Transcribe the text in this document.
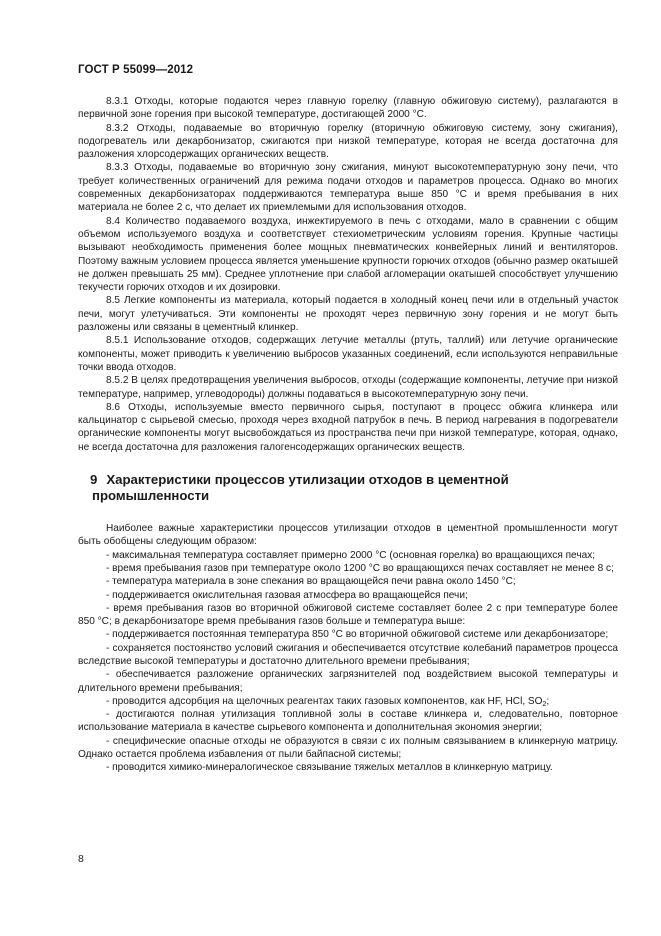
ГОСТ Р 55099—2012

8.3.1 Отходы, которые подаются через главную горелку (главную обжиговую систему), разлагаются в первичной зоне горения при высокой температуре, достигающей 2000 °С.

8.3.2 Отходы, подаваемые во вторичную горелку (вторичную обжиговую систему, зону сжигания), подогреватель или декарбонизатор, сжигаются при низкой температуре, которая не всегда достаточна для разложения хлорсодержащих органических веществ.

8.3.3 Отходы, подаваемые во вторичную зону сжигания, минуют высокотемпературную зону печи, что требует количественных ограничений для режима подачи отходов и параметров процесса. Однако во многих современных декарбонизаторах поддерживаются температура выше 850 °С и время пребывания в них материала не более 2 с, что делает их приемлемыми для использования отходов.

8.4 Количество подаваемого воздуха, инжектируемого в печь с отходами, мало в сравнении с общим объемом используемого воздуха и соответствует стехиометрическим условиям горения. Крупные частицы вызывают необходимость применения более мощных пневматических конвейерных линий и вентиляторов. Поэтому важным условием процесса является уменьшение крупности горючих отходов (обычно размер окатышей не должен превышать 25 мм). Среднее уплотнение при слабой агломерации окатышей способствует улучшению текучести горючих отходов и их дозировки.

8.5 Легкие компоненты из материала, который подается в холодный конец печи или в отдельный участок печи, могут улетучиваться. Эти компоненты не проходят через первичную зону горения и не могут быть разложены или связаны в цементный клинкер.

8.5.1 Использование отходов, содержащих летучие металлы (ртуть, таллий) или летучие органические компоненты, может приводить к увеличению выбросов указанных соединений, если используются неправильные точки ввода отходов.

8.5.2 В целях предотвращения увеличения выбросов, отходы (содержащие компоненты, летучие при низкой температуре, например, углеводороды) должны подаваться в высокотемпературную зону печи.

8.6 Отходы, используемые вместо первичного сырья, поступают в процесс обжига клинкера или кальцинатор с сырьевой смесью, проходя через входной патрубок в печь. В период нагревания в подогреватели органические компоненты могут высвобождаться из пространства печи при низкой температуре, которая, однако, не всегда достаточна для разложения галогенсодержащих органических веществ.

9 Характеристики процессов утилизации отходов в цементной промышленности

Наиболее важные характеристики процессов утилизации отходов в цементной промышленности могут быть обобщены следующим образом:

- максимальная температура составляет примерно 2000 °С (основная горелка) во вращающихся печах;

- время пребывания газов при температуре около 1200 °С во вращающихся печах составляет не менее 8 с;

- температура материала в зоне спекания во вращающейся печи равна около 1450 °С;

- поддерживается окислительная газовая атмосфера во вращающейся печи;

- время пребывания газов во вторичной обжиговой системе составляет более 2 с при температуре более 850 °С; в декарбонизаторе время пребывания газов больше и температура выше:

- поддерживается постоянная температура 850 °С во вторичной обжиговой системе или декарбонизаторе;

- сохраняется постоянство условий сжигания и обеспечивается отсутствие колебаний параметров процесса вследствие высокой температуры и достаточно длительного времени пребывания;

- обеспечивается разложение органических загрязнителей под воздействием высокой температуры и длительного времени пребывания;

- проводится адсорбция на щелочных реагентах таких газовых компонентов, как HF, HCl, $SO_2$;

- достигаются полная утилизация топливной золы в составе клинкера и, следовательно, повторное использование материала в качестве сырьевого компонента и дополнительная экономия энергии;

- специфические опасные отходы не образуются в связи с их полным связыванием в клинкерную матрицу. Однако остается проблема избавления от пыли байпасной системы;

- проводится химико-минералогическое связывание тяжелых металлов в клинкерную матрицу.

8
